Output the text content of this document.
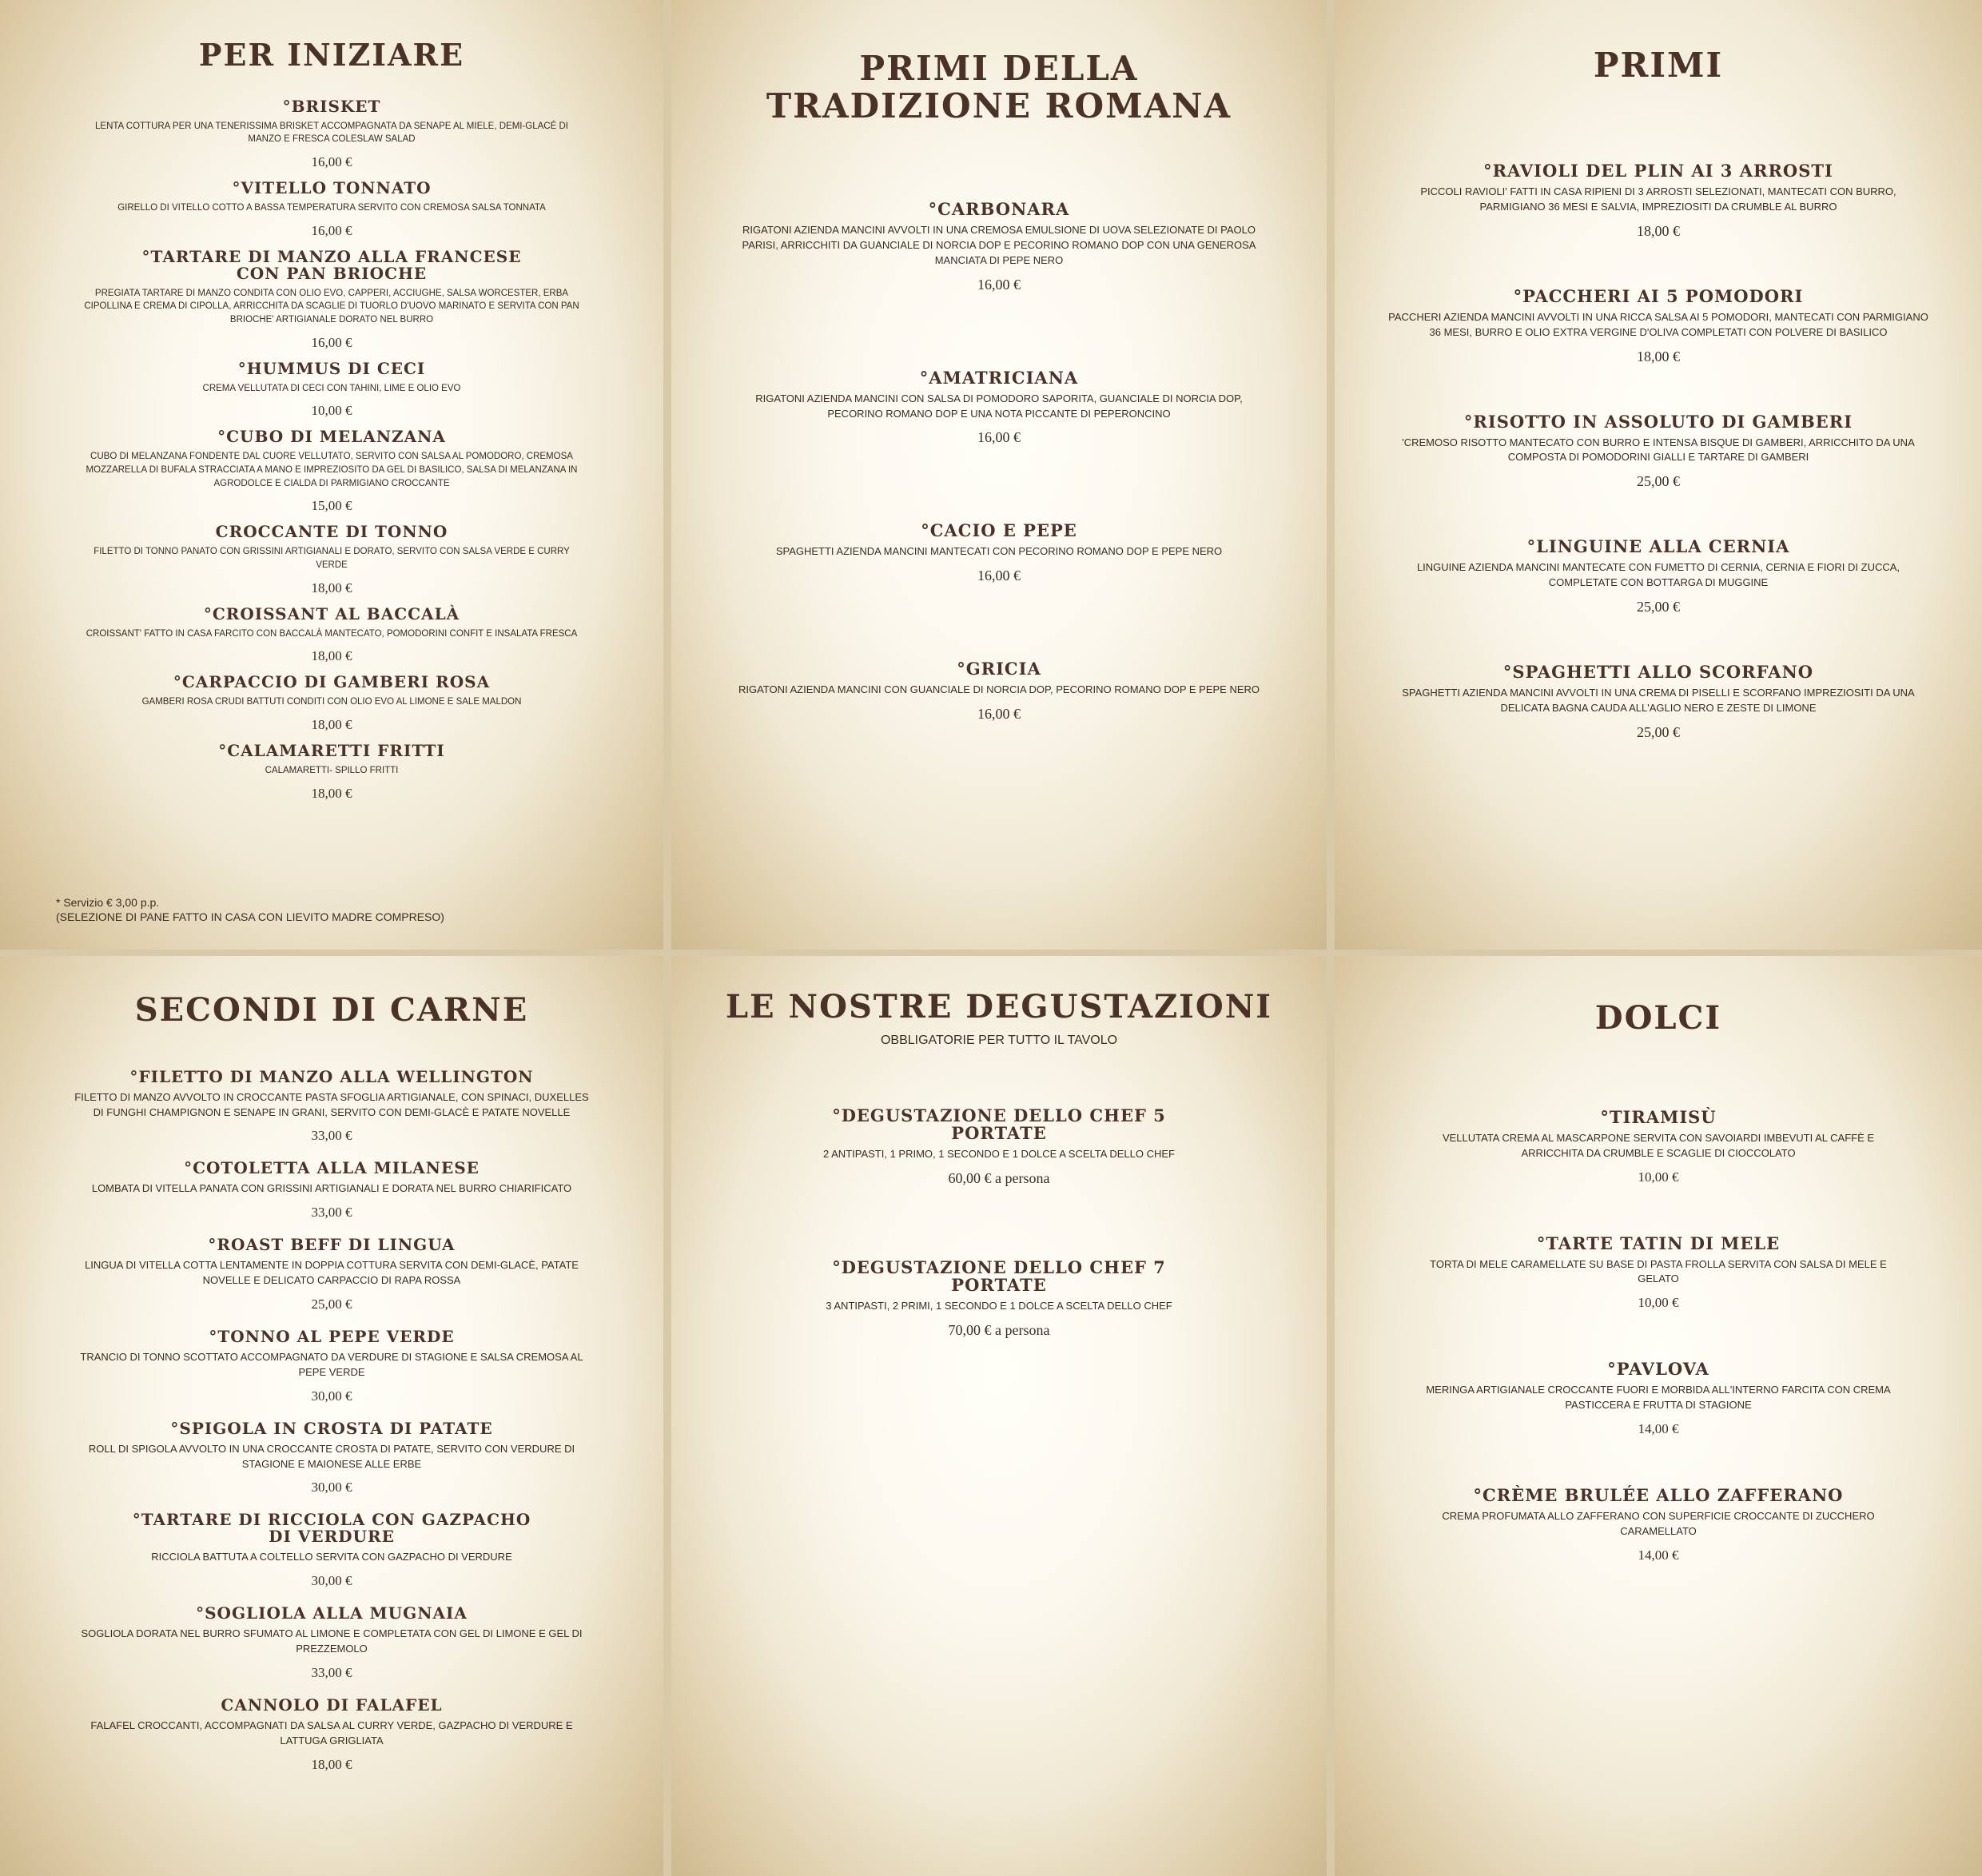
PER INIZIARE
°BRISKET
LENTA COTTURA PER UNA TENERISSIMA BRISKET ACCOMPAGNATA DA SENAPE AL MIELE, DEMI-GLACÉ DI MANZO E FRESCA COLESLAW SALAD
16,00 €
°VITELLO TONNATO
GIRELLO DI VITELLO COTTO A BASSA TEMPERATURA SERVITO CON CREMOSA SALSA TONNATA
16,00 €
°TARTARE DI MANZO ALLA FRANCESE CON PAN BRIOCHE
PREGIATA TARTARE DI MANZO CONDITA CON OLIO EVO, CAPPERI, ACCIUGHE, SALSA WORCESTER, ERBA CIPOLLINA E CREMA DI CIPOLLA, ARRICCHITA DA SCAGLIE DI TUORLO D'UOVO MARINATO E SERVITA CON PAN BRIOCHE' ARTIGIANALE DORATO NEL BURRO
16,00 €
°HUMMUS DI CECI
CREMA VELLUTATA DI CECI CON TAHINI, LIME E OLIO EVO
10,00 €
°CUBO DI MELANZANA
CUBO DI MELANZANA FONDENTE DAL CUORE VELLUTATO, SERVITO CON SALSA AL POMODORO, CREMOSA MOZZARELLA DI BUFALA STRACCIATA A MANO E IMPREZIOSITO DA GEL DI BASILICO, SALSA DI MELANZANA IN AGRODOLCE E CIALDA DI PARMIGIANO CROCCANTE
15,00 €
CROCCANTE DI TONNO
FILETTO DI TONNO PANATO CON GRISSINI ARTIGIANALI E DORATO, SERVITO CON SALSA VERDE E CURRY VERDE
18,00 €
°CROISSANT AL BACCALÀ
CROISSANT' FATTO IN CASA FARCITO CON BACCALÀ MANTECATO, POMODORINI CONFIT E INSALATA FRESCA
18,00 €
°CARPACCIO DI GAMBERI ROSA
GAMBERI ROSA CRUDI BATTUTI CONDITI CON OLIO EVO AL LIMONE E SALE MALDON
18,00 €
°CALAMARETTI FRITTI
CALAMARETTI- SPILLO FRITTI
18,00 €
* Servizio € 3,00 p.p.
(SELEZIONE DI PANE FATTO IN CASA CON LIEVITO MADRE COMPRESO)
PRIMI DELLA TRADIZIONE ROMANA
°CARBONARA
RIGATONI AZIENDA MANCINI AVVOLTI IN UNA CREMOSA EMULSIONE DI UOVA SELEZIONATE DI PAOLO PARISI, ARRICCHITI DA GUANCIALE DI NORCIA DOP E PECORINO ROMANO DOP CON UNA GENEROSA MANCIATA DI PEPE NERO
16,00 €
°AMATRICIANA
RIGATONI AZIENDA MANCINI CON SALSA DI POMODORO SAPORITA, GUANCIALE DI NORCIA DOP, PECORINO ROMANO DOP E UNA NOTA PICCANTE DI PEPERONCINO
16,00 €
°CACIO E PEPE
SPAGHETTI AZIENDA MANCINI MANTECATI CON PECORINO ROMANO DOP E PEPE NERO
16,00 €
°GRICIA
RIGATONI AZIENDA MANCINI CON GUANCIALE DI NORCIA DOP, PECORINO ROMANO DOP E PEPE NERO
16,00 €
PRIMI
°RAVIOLI DEL PLIN AI 3 ARROSTI
PICCOLI RAVIOLI' FATTI IN CASA RIPIENI DI 3 ARROSTI SELEZIONATI, MANTECATI CON BURRO, PARMIGIANO 36 MESI E SALVIA, IMPREZIOSITI DA CRUMBLE AL BURRO
18,00 €
°PACCHERI AI 5 POMODORI
PACCHERI AZIENDA MANCINI AVVOLTI IN UNA RICCA SALSA AI 5 POMODORI, MANTECATI CON PARMIGIANO 36 MESI, BURRO E OLIO EXTRA VERGINE D'OLIVA COMPLETATI CON POLVERE DI BASILICO
18,00 €
°RISOTTO IN ASSOLUTO DI GAMBERI
'CREMOSO RISOTTO MANTECATO CON BURRO E INTENSA BISQUE DI GAMBERI, ARRICCHITO DA UNA COMPOSTA DI POMODORINI GIALLI E TARTARE DI GAMBERI
25,00 €
°LINGUINE ALLA CERNIA
LINGUINE AZIENDA MANCINI MANTECATE CON FUMETTO DI CERNIA, CERNIA E FIORI DI ZUCCA, COMPLETATE CON BOTTARGA DI MUGGINE
25,00 €
°SPAGHETTI ALLO SCORFANO
SPAGHETTI AZIENDA MANCINI AVVOLTI IN UNA CREMA DI PISELLI E SCORFANO IMPREZIOSITI DA UNA DELICATA BAGNA CAUDA ALL'AGLIO NERO E ZESTE DI LIMONE
25,00 €
SECONDI DI CARNE
°FILETTO DI MANZO ALLA WELLINGTON
FILETTO DI MANZO AVVOLTO IN CROCCANTE PASTA SFOGLIA ARTIGIANALE, CON SPINACI, DUXELLES DI FUNGHI CHAMPIGNON E SENAPE IN GRANI, SERVITO CON DEMI-GLACÈ E PATATE NOVELLE
33,00 €
°COTOLETTA ALLA MILANESE
LOMBATA DI VITELLA PANATA CON GRISSINI ARTIGIANALI E DORATA NEL BURRO CHIARIFICATO
33,00 €
°ROAST BEFF DI LINGUA
LINGUA DI VITELLA COTTA LENTAMENTE IN DOPPIA COTTURA SERVITA CON DEMI-GLACÈ, PATATE NOVELLE E DELICATO CARPACCIO DI RAPA ROSSA
25,00 €
°TONNO AL PEPE VERDE
TRANCIO DI TONNO SCOTTATO ACCOMPAGNATO DA VERDURE DI STAGIONE E SALSA CREMOSA AL PEPE VERDE
30,00 €
°SPIGOLA IN CROSTA DI PATATE
ROLL DI SPIGOLA AVVOLTO IN UNA CROCCANTE CROSTA DI PATATE, SERVITO CON VERDURE DI STAGIONE E MAIONESE ALLE ERBE
30,00 €
°TARTARE DI RICCIOLA CON GAZPACHO DI VERDURE
RICCIOLA BATTUTA A COLTELLO SERVITA CON GAZPACHO DI VERDURE
30,00 €
°SOGLIOLA ALLA MUGNAIA
SOGLIOLA DORATA NEL BURRO SFUMATO AL LIMONE E COMPLETATA CON GEL DI LIMONE E GEL DI PREZZEMOLO
33,00 €
CANNOLO DI FALAFEL
FALAFEL CROCCANTI, ACCOMPAGNATI DA SALSA AL CURRY VERDE, GAZPACHO DI VERDURE E LATTUGA GRIGLIATA
18,00 €
LE NOSTRE DEGUSTAZIONI
OBBLIGATORIE PER TUTTO IL TAVOLO
°DEGUSTAZIONE DELLO CHEF 5 PORTATE
2 ANTIPASTI, 1 PRIMO, 1 SECONDO E 1 DOLCE A SCELTA DELLO CHEF
60,00 € a persona
°DEGUSTAZIONE DELLO CHEF 7 PORTATE
3 ANTIPASTI, 2 PRIMI, 1 SECONDO E 1 DOLCE A SCELTA DELLO CHEF
70,00 € a persona
DOLCI
°TIRAMISÙ
VELLUTATA CREMA AL MASCARPONE SERVITA CON SAVOIARDI IMBEVUTI AL CAFFÈ E ARRICCHITA DA CRUMBLE E SCAGLIE DI CIOCCOLATO
10,00 €
°TARTE TATIN DI MELE
TORTA DI MELE CARAMELLATE SU BASE DI PASTA FROLLA SERVITA CON SALSA DI MELE E GELATO
10,00 €
°PAVLOVA
MERINGA ARTIGIANALE CROCCANTE FUORI E MORBIDA ALL'INTERNO FARCITA CON CREMA PASTICCERA E FRUTTA DI STAGIONE
14,00 €
°CRÈME BRULÉE ALLO ZAFFERANO
CREMA PROFUMATA ALLO ZAFFERANO CON SUPERFICIE CROCCANTE DI ZUCCHERO CARAMELLATO
14,00 €
